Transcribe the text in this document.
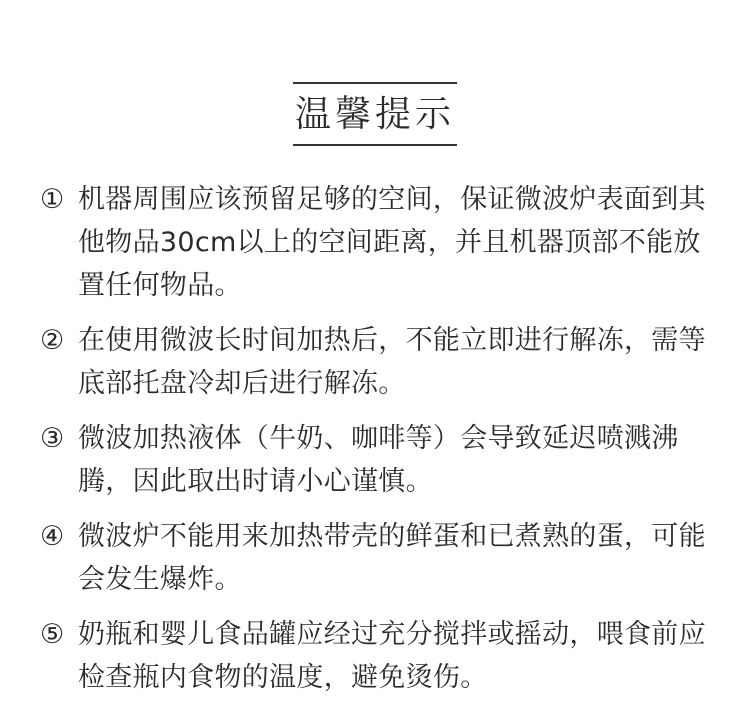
温馨提示
① 机器周围应该预留足够的空间，保证微波炉表面到其他物品30cm以上的空间距离，并且机器顶部不能放置任何物品。
② 在使用微波长时间加热后，不能立即进行解冻，需等底部托盘冷却后进行解冻。
③ 微波加热液体（牛奶、咖啡等）会导致延迟喷溅沸腾，因此取出时请小心谨慎。
④ 微波炉不能用来加热带壳的鲜蛋和已煮熟的蛋，可能会发生爆炸。
⑤ 奶瓶和婴儿食品罐应经过充分搅拌或摇动，喂食前应检查瓶内食物的温度，避免烫伤。
